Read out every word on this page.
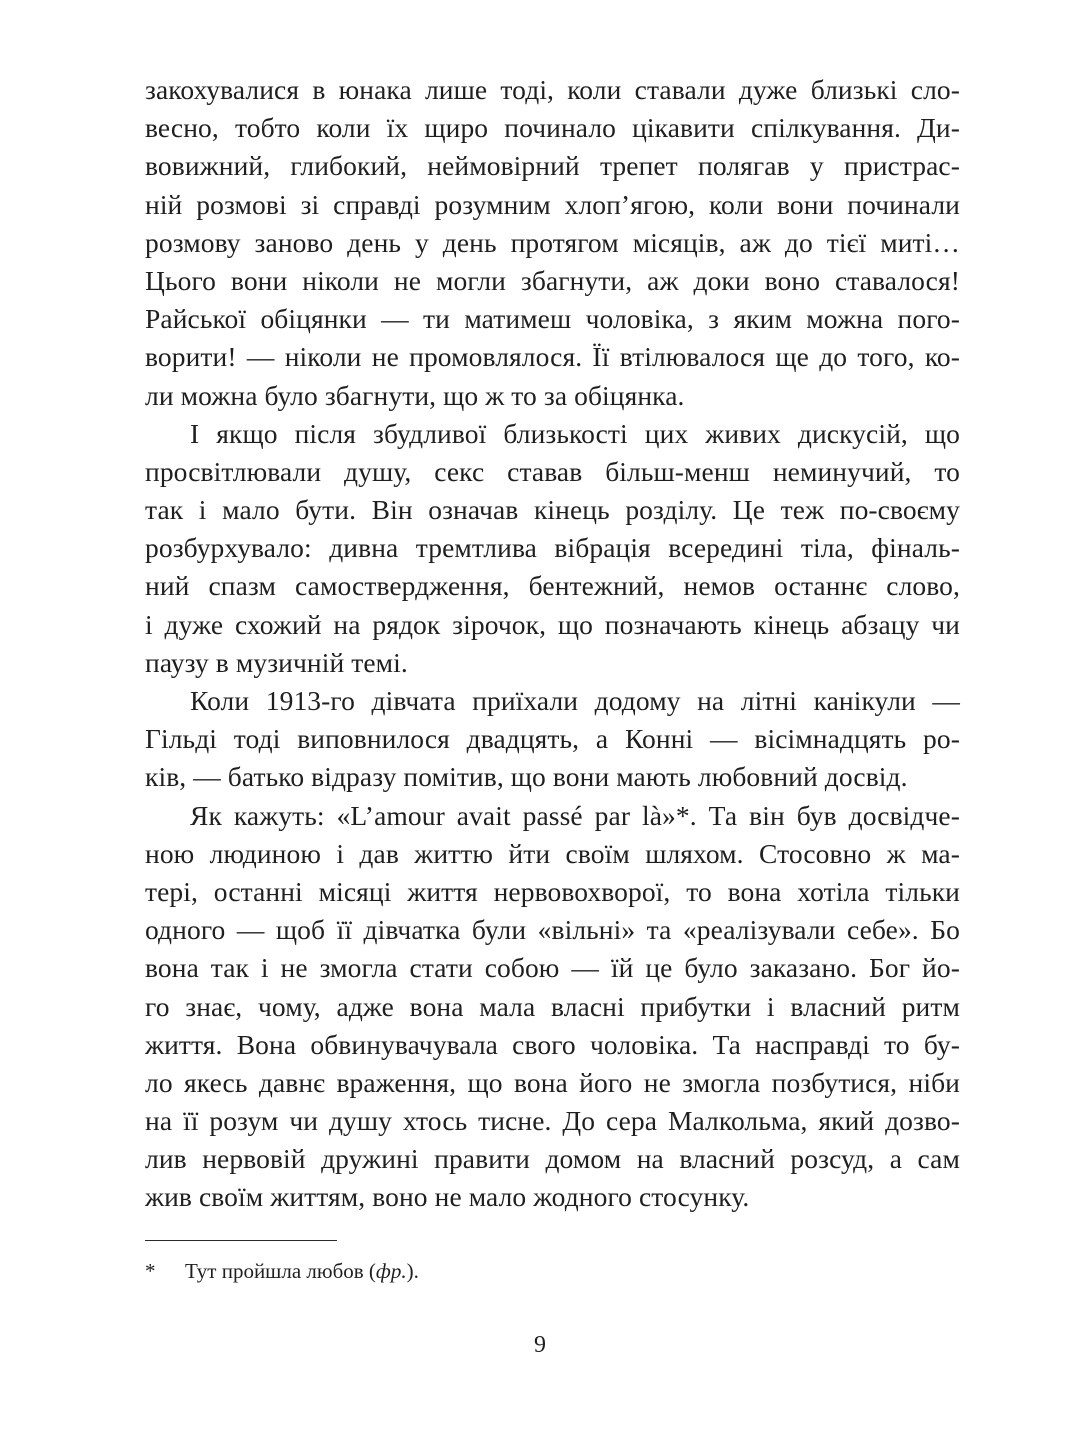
закохувалися в юнака лише тоді, коли ставали дуже близькі сло-
весно, тобто коли їх щиро починало цікавити спілкування. Ди-
вовижний, глибокий, неймовірний трепет полягав у пристрас-
ній розмові зі справді розумним хлоп’ягою, коли вони починали
розмову заново день у день протягом місяців, аж до тієї миті…
Цього вони ніколи не могли збагнути, аж доки воно ставалося!
Райської обіцянки — ти матимеш чоловіка, з яким можна пого-
ворити! — ніколи не промовлялося. Її втілювалося ще до того, ко-
ли можна було збагнути, що ж то за обіцянка.
І якщо після збудливої близькості цих живих дискусій, що
просвітлювали душу, секс ставав більш-менш неминучий, то
так і мало бути. Він означав кінець розділу. Це теж по-своєму
розбурхувало: дивна тремтлива вібрація всередині тіла, фіналь-
ний спазм самоствердження, бентежний, немов останнє слово,
і дуже схожий на рядок зірочок, що позначають кінець абзацу чи
паузу в музичній темі.
Коли 1913-го дівчата приїхали додому на літні канікули —
Гільді тоді виповнилося двадцять, а Конні — вісімнадцять ро-
ків, — батько відразу помітив, що вони мають любовний досвід.
Як кажуть: «L’amour avait passé par là»*. Та він був досвідче-
ною людиною і дав життю йти своїм шляхом. Стосовно ж ма-
тері, останні місяці життя нервовохворої, то вона хотіла тільки
одного — щоб її дівчатка були «вільні» та «реалізували себе». Бо
вона так і не змогла стати собою — їй це було заказано. Бог йо-
го знає, чому, адже вона мала власні прибутки і власний ритм
життя. Вона обвинувачувала свого чоловіка. Та насправді то бу-
ло якесь давнє враження, що вона його не змогла позбутися, ніби
на її розум чи душу хтось тисне. До сера Малкольма, який дозво-
лив нервовій дружині правити домом на власний розсуд, а сам
жив своїм життям, воно не мало жодного стосунку.
* Тут пройшла любов (фр.).
9
